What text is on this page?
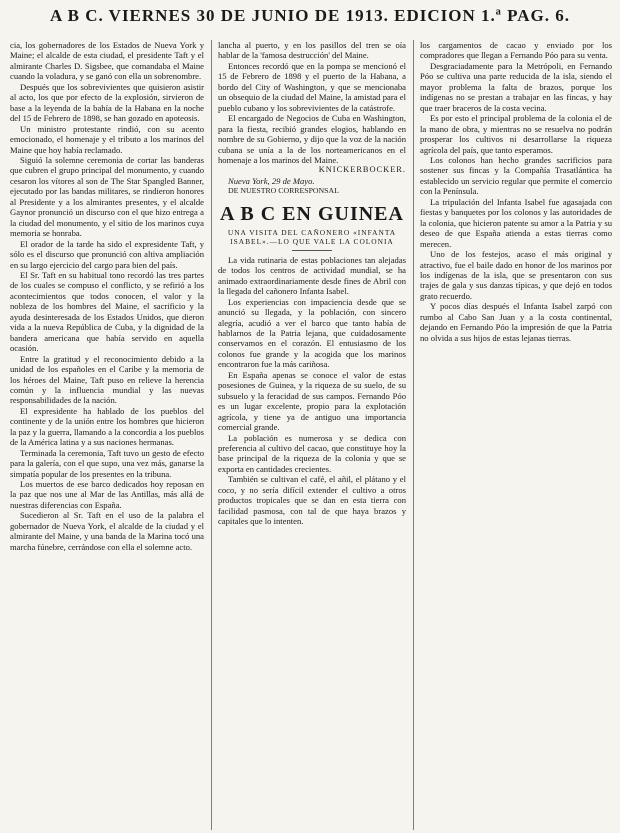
A B C. VIERNES 30 DE JUNIO DE 1913. EDICION 1.ª PAG. 6.

cia, los gobernadores de los Estados de Nueva York y Maine; el alcalde de esta ciudad, el presidente Taft y el almirante Charles D. Sigsbee, que comandaba el Maine cuando la voladura, y se ganó con ella un sobrenombre.

Después que los sobrevivientes que quisieron asistir al acto, los que por efecto de la explosión, sirvieron de base a la leyenda de la bahía de la Habana en la noche del 15 de Febrero de 1898, se han gozado en apoteosis.

Un ministro protestante rindió, con su acento emocionado, el homenaje y el tributo a los marinos del Maine que hoy había reclamado.

Siguió la solemne ceremonia de cortar las banderas que cubren el grupo principal del monumento, y cuando cesaron los vítores al son de The Star Spangled Banner, ejecutado por las bandas militares, se rindieron honores al Presidente y a los almirantes presentes, y el alcalde Gaynor pronunció un discurso con el que hizo entrega a la ciudad del monumento, y el sitio de los marinos cuya memoria se honraba.

El orador de la tarde ha sido el expresidente Taft, y sólo es el discurso que pronunció con altiva ampliación en su largo ejercicio del cargo para bien del país.

El Sr. Taft en su habitual tono recordó las tres partes de los cuales se compuso el conflicto, y se refirió a los acontecimientos que todos conocen, el valor y la nobleza de los hombres del Maine, el sacrificio y la ayuda desinteresada de los Estados Unidos, que dieron vida a la nueva República de Cuba, y la dignidad de la bandera americana que había servido en aquella ocasión.

Entre la gratitud y el reconocimiento debido a la unidad de los españoles en el Caribe y la memoria de los héroes del Maine, Taft puso en relieve la herencia común y la influencia mundial y las nuevas responsabilidades de la nación.

El expresidente ha hablado de los pueblos del continente y de la unión entre los hombres que hicieron la paz y la guerra, llamando a la concordia a los pueblos de la América latina y a sus naciones hermanas.

Terminada la ceremonia, Taft tuvo un gesto de efecto para la galería, con el que supo, una vez más, ganarse la simpatía popular de los presentes en la tribuna.

Los muertos de ese barco dedicados hoy reposan en la paz que nos une al Mar de las Antillas, más allá de nuestras diferencias con España.

Sucedieron al Sr. Taft en el uso de la palabra el gobernador de Nueva York, el alcalde de la ciudad y el almirante del Maine, y una banda de la Marina tocó una marcha fúnebre, cerrándose con ella el solemne acto.

lancha al puerto, y en los pasillos del tren se oía hablar de la 'famosa destrucción' del Maine.

Entonces recordó que en la pompa se mencionó el 15 de Febrero de 1898 y el puerto de la Habana, a bordo del City of Washington, y que se mencionaba un obsequio de la ciudad del Maine, la amistad para el pueblo cubano y los sobrevivientes de la catástrofe.

El encargado de Negocios de Cuba en Washington, para la fiesta, recibió grandes elogios, hablando en nombre de su Gobierno, y dijo que la voz de la nación cubana se unía a la de los norteamericanos en el homenaje a los marinos del Maine.

KNICKERBOCKER.

Nueva York, 29 de Mayo.

DE NUESTRO CORRESPONSAL

A B C EN GUINEA
UNA VISITA DEL CAÑONERO «INFANTA ISABEL».—LO QUE VALE LA COLONIA

La vida rutinaria de estas poblaciones tan alejadas de todos los centros de actividad mundial, se ha animado extraordinariamente desde fines de Abril con la llegada del cañonero Infanta Isabel.

Los experiencias con impaciencia desde que se anunció su llegada, y la población, con sincero alegría, acudió a ver el barco que tanto había de hablarnos de la Patria lejana, que cuidadosamente conservamos en el corazón. El entusiasmo de los colonos fue grande y la acogida que los marinos encontraron fue la más cariñosa.

En España apenas se conoce el valor de estas posesiones de Guinea, y la riqueza de su suelo, de su subsuelo y la feracidad de sus campos. Fernando Póo es un lugar excelente, propio para la explotación agrícola, y tiene ya de antiguo una importancia comercial grande.

La población es numerosa y se dedica con preferencia al cultivo del cacao, que constituye hoy la base principal de la riqueza de la colonia y que se exporta en cantidades crecientes.

También se cultivan el café, el añil, el plátano y el coco, y no sería difícil extender el cultivo a otros productos tropicales que se dan en esta tierra con facilidad pasmosa, con tal de que haya brazos y capitales que lo intenten.

los cargamentos de cacao y enviado por los compradores que llegan a Fernando Póo para su venta.

Desgraciadamente para la Metrópoli, en Fernando Póo se cultiva una parte reducida de la isla, siendo el mayor problema la falta de brazos, porque los indígenas no se prestan a trabajar en las fincas, y hay que traer braceros de la costa vecina.

Es por esto el principal problema de la colonia el de la mano de obra, y mientras no se resuelva no podrán prosperar los cultivos ni desarrollarse la riqueza agrícola del país, que tanto esperamos.

Los colonos han hecho grandes sacrificios para sostener sus fincas y la Compañía Trasatlántica ha establecido un servicio regular que permite el comercio con la Península.

La tripulación del Infanta Isabel fue agasajada con fiestas y banquetes por los colonos y las autoridades de la colonia, que hicieron patente su amor a la Patria y su deseo de que España atienda a estas tierras como merecen.

Uno de los festejos, acaso el más original y atractivo, fue el baile dado en honor de los marinos por los indígenas de la isla, que se presentaron con sus trajes de gala y sus danzas típicas, y que dejó en todos grato recuerdo.

Y pocos días después el Infanta Isabel zarpó con rumbo al Cabo San Juan y a la costa continental, dejando en Fernando Póo la impresión de que la Patria no olvida a sus hijos de estas lejanas tierras.
